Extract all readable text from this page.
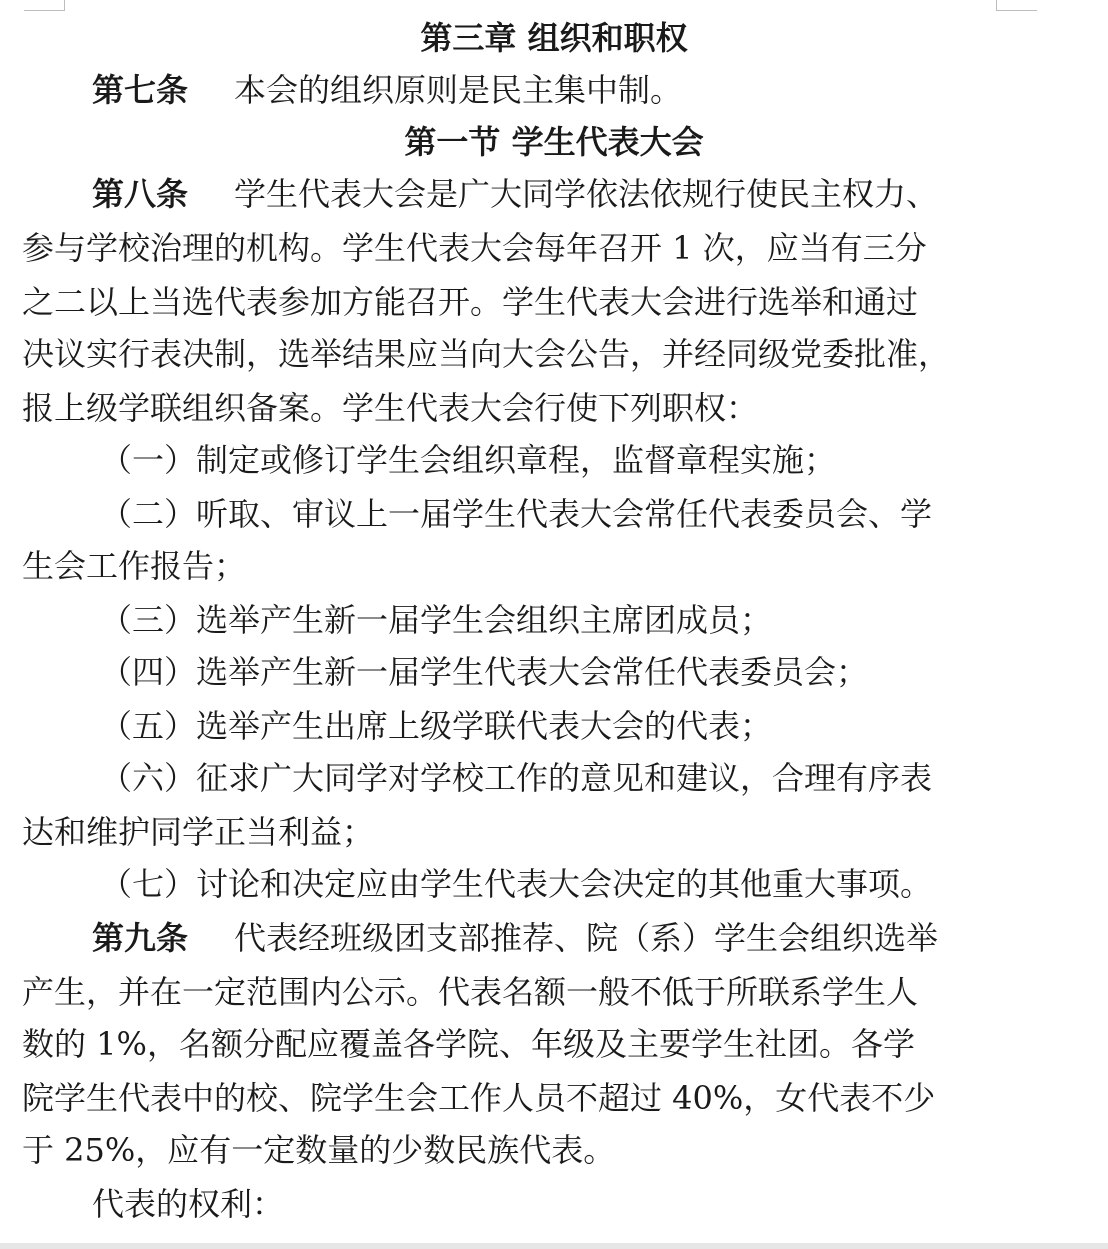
第三章 组织和职权
第七条 本会的组织原则是民主集中制。
第一节 学生代表大会
第八条 学生代表大会是广大同学依法依规行使民主权力、
参与学校治理的机构。学生代表大会每年召开 1 次，应当有三分
之二以上当选代表参加方能召开。学生代表大会进行选举和通过
决议实行表决制，选举结果应当向大会公告，并经同级党委批准，
报上级学联组织备案。学生代表大会行使下列职权：
（一）制定或修订学生会组织章程，监督章程实施；
（二）听取、审议上一届学生代表大会常任代表委员会、学
生会工作报告；
（三）选举产生新一届学生会组织主席团成员；
（四）选举产生新一届学生代表大会常任代表委员会；
（五）选举产生出席上级学联代表大会的代表；
（六）征求广大同学对学校工作的意见和建议，合理有序表
达和维护同学正当利益；
（七）讨论和决定应由学生代表大会决定的其他重大事项。
第九条 代表经班级团支部推荐、院（系）学生会组织选举
产生，并在一定范围内公示。代表名额一般不低于所联系学生人
数的 1%，名额分配应覆盖各学院、年级及主要学生社团。各学
院学生代表中的校、院学生会工作人员不超过 40%，女代表不少
于 25%，应有一定数量的少数民族代表。
代表的权利：
